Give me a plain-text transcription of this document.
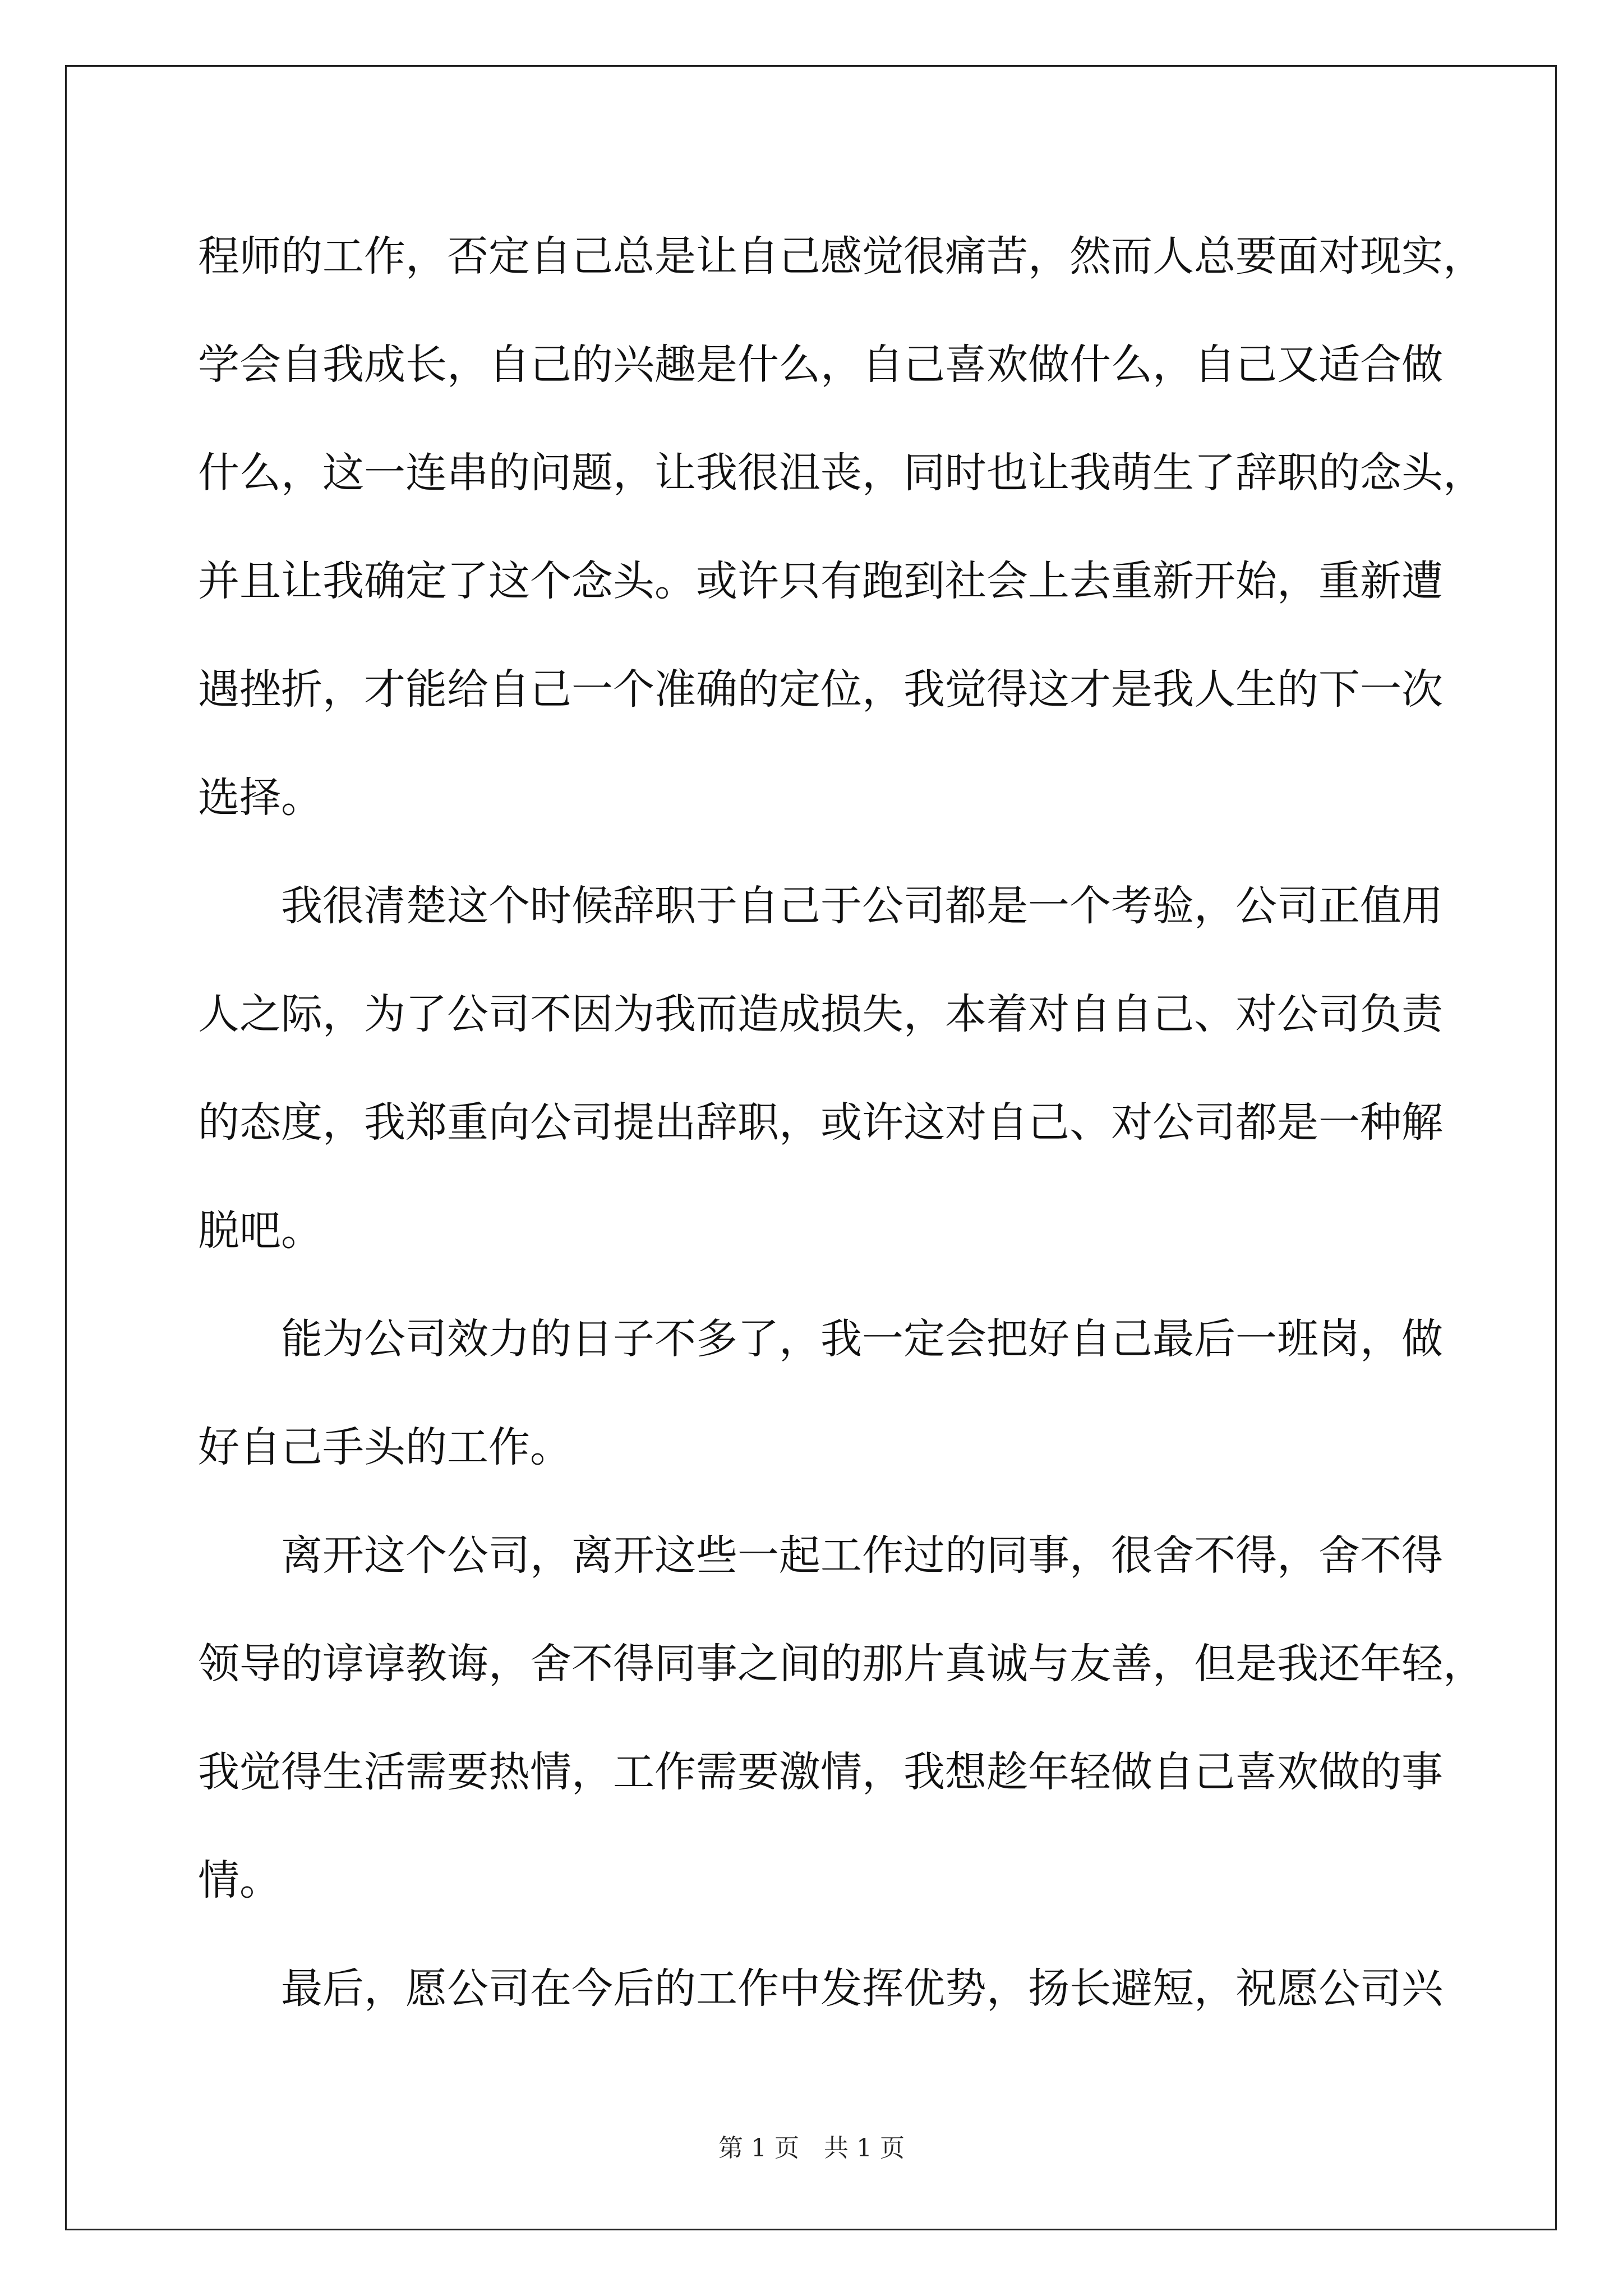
程师的工作，否定自己总是让自己感觉很痛苦，然而人总要面对现实，
学会自我成长，自己的兴趣是什么，自己喜欢做什么，自己又适合做
什么，这一连串的问题，让我很沮丧，同时也让我萌生了辞职的念头，
并且让我确定了这个念头。或许只有跑到社会上去重新开始，重新遭
遇挫折，才能给自己一个准确的定位，我觉得这才是我人生的下一次
选择。
我很清楚这个时候辞职于自己于公司都是一个考验，公司正值用
人之际，为了公司不因为我而造成损失，本着对自自己、对公司负责
的态度，我郑重向公司提出辞职，或许这对自己、对公司都是一种解
脱吧。
能为公司效力的日子不多了，我一定会把好自己最后一班岗，做
好自己手头的工作。
离开这个公司，离开这些一起工作过的同事，很舍不得，舍不得
领导的谆谆教诲，舍不得同事之间的那片真诚与友善，但是我还年轻，
我觉得生活需要热情，工作需要激情，我想趁年轻做自己喜欢做的事
情。
最后，愿公司在今后的工作中发挥优势，扬长避短，祝愿公司兴
第 1 页　共 1 页
